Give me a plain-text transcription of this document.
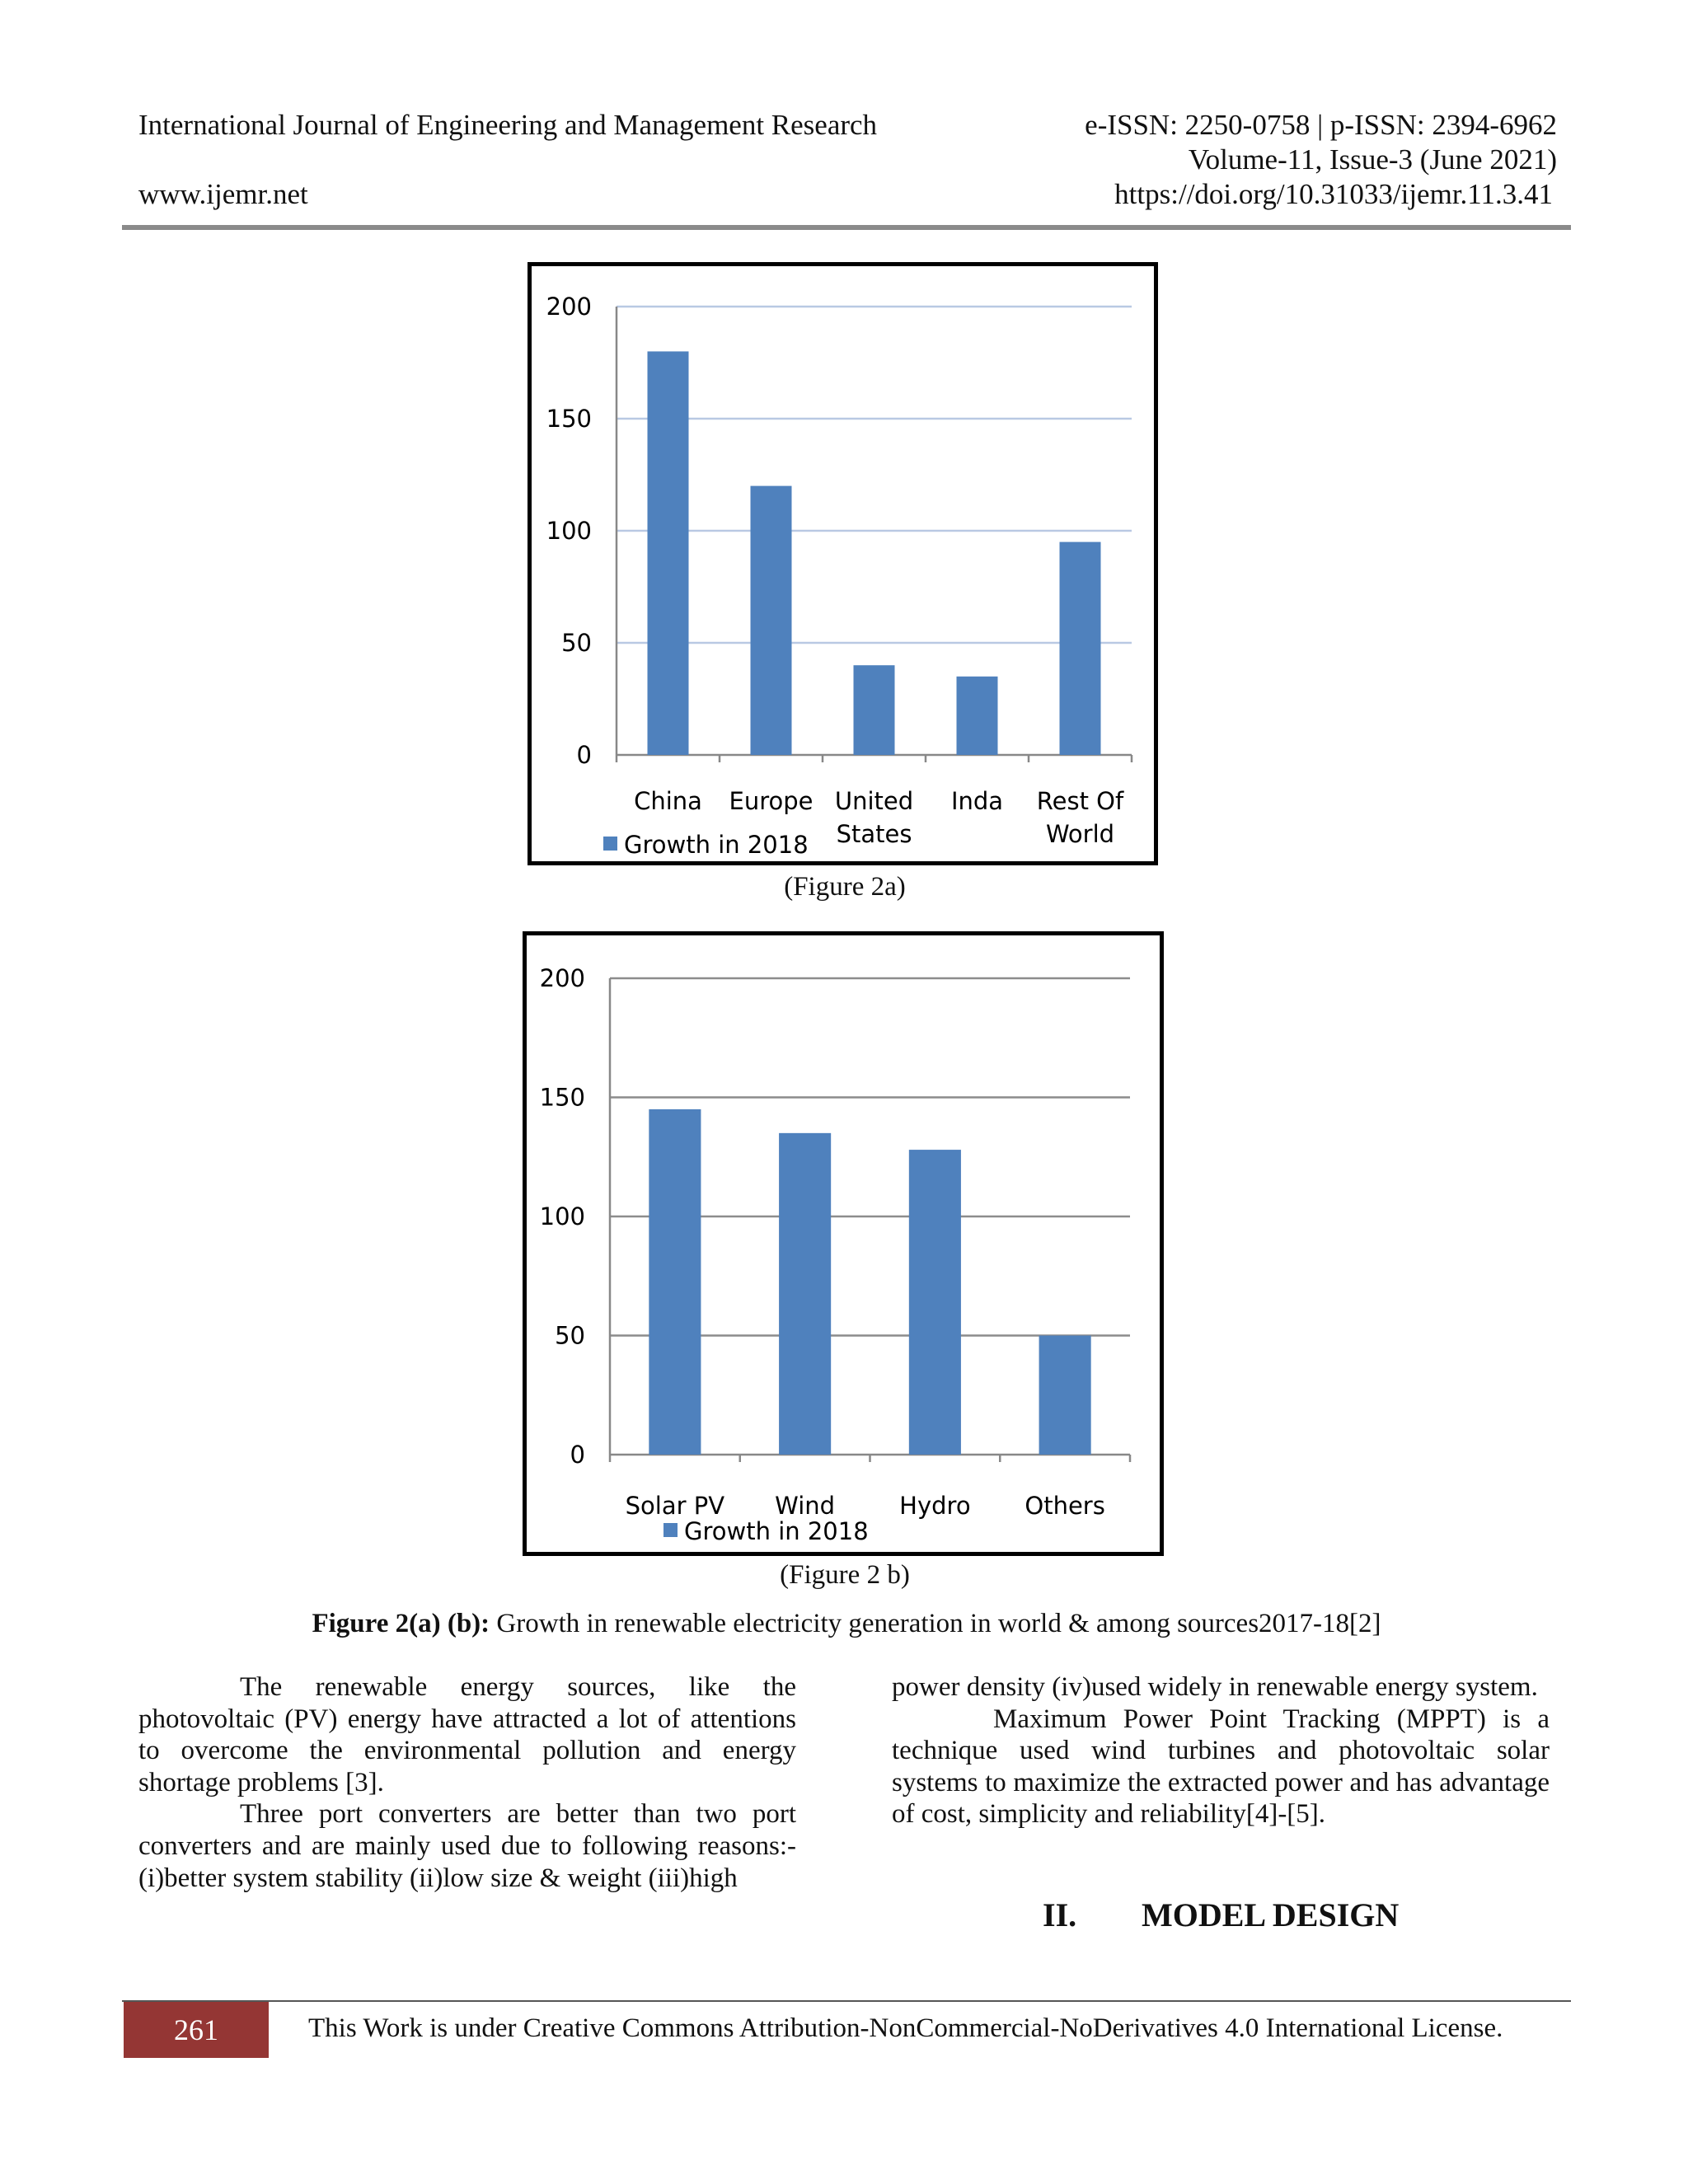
International Journal of Engineering and Management Research	e-ISSN: 2250-0758 | p-ISSN: 2394-6962
Volume-11, Issue-3 (June 2021)
www.ijemr.net	https://doi.org/10.31033/ijemr.11.3.41
0
50
100
150
200
China Europe United
States
Inda Rest Of
World
Growth in 2018
(Figure 2a)
0
50
100
150
200
Solar PV Wind	Hydro Others
Growth in 2018
(Figure 2 b)
Figure 2(a) (b): Growth in renewable electricity generation in world & among sources2017-18[2]

The renewable energy sources, like the photovoltaic (PV) energy have attracted a lot of attentions to overcome the environmental pollution and energy shortage problems [3].

Three port converters are better than two port converters and are mainly used due to following reasons:-(i)better system stability (ii)low size & weight (iii)high

power density (iv)used widely in renewable energy system.

Maximum Power Point Tracking (MPPT) is a technique used wind turbines and photovoltaic solar systems to maximize the extracted power and has advantage of cost, simplicity and reliability[4]-[5].

II. MODEL DESIGN
261	This Work is under Creative Commons Attribution-NonCommercial-NoDerivatives 4.0 International License.
